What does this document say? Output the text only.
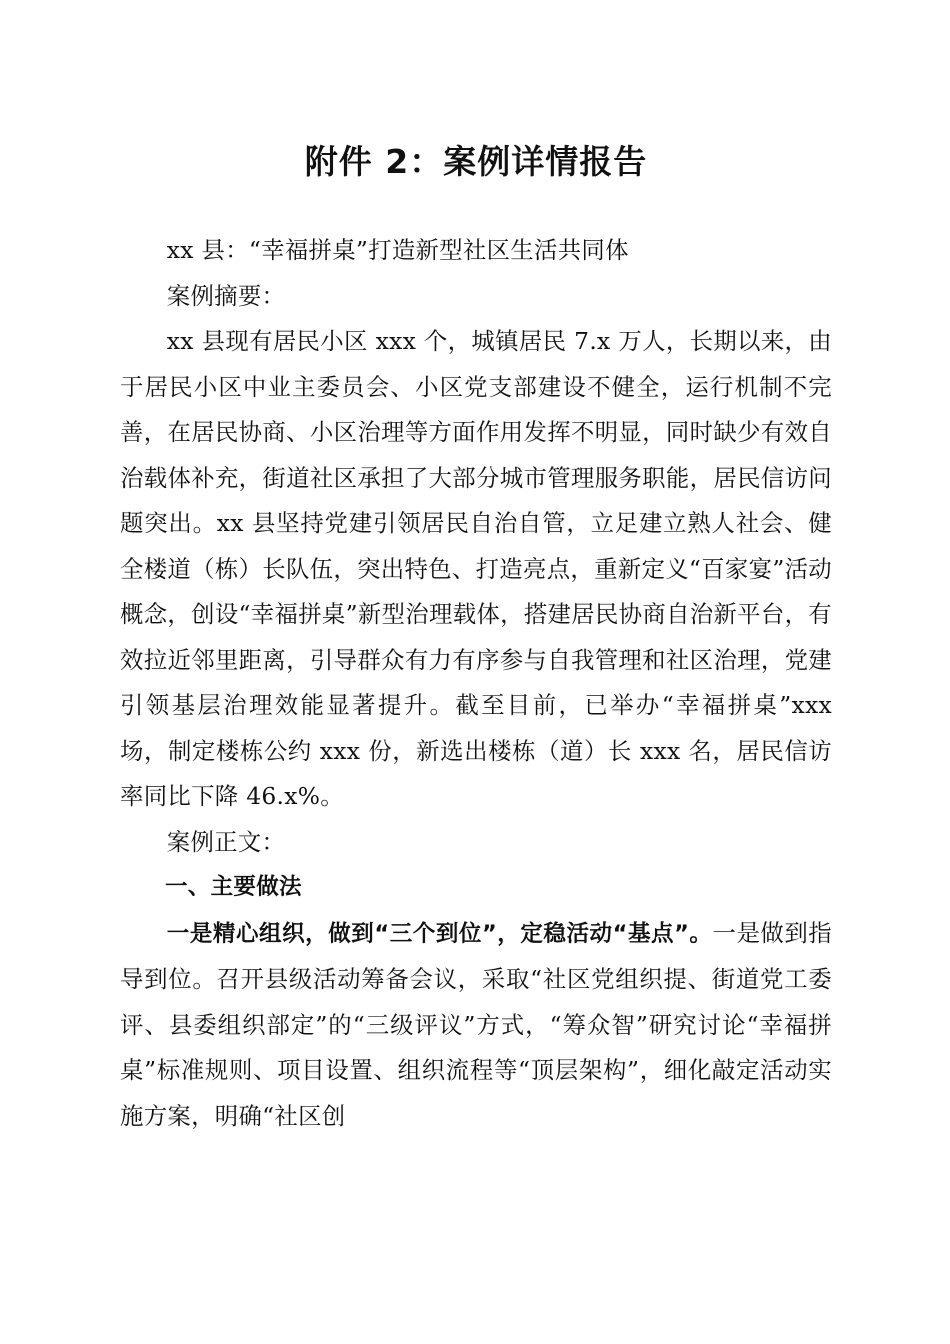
附件 2：案例详情报告

xx 县：“幸福拼桌”打造新型社区生活共同体

案例摘要：

xx 县现有居民小区 xxx 个，城镇居民 7.x 万人，长期以来，由于居民小区中业主委员会、小区党支部建设不健全，运行机制不完善，在居民协商、小区治理等方面作用发挥不明显，同时缺少有效自治载体补充，街道社区承担了大部分城市管理服务职能，居民信访问题突出。xx 县坚持党建引领居民自治自管，立足建立熟人社会、健全楼道（栋）长队伍，突出特色、打造亮点，重新定义“百家宴”活动概念，创设“幸福拼桌”新型治理载体，搭建居民协商自治新平台，有效拉近邻里距离，引导群众有力有序参与自我管理和社区治理，党建引领基层治理效能显著提升。截至目前，已举办“幸福拼桌”xxx 场，制定楼栋公约 xxx 份，新选出楼栋（道）长 xxx 名，居民信访率同比下降 46.x%。

案例正文：

一、主要做法

一是精心组织，做到“三个到位”，定稳活动“基点”。一是做到指导到位。召开县级活动筹备会议，采取“社区党组织提、街道党工委评、县委组织部定”的“三级评议”方式，“筹众智”研究讨论“幸福拼桌”标准规则、项目设置、组织流程等“顶层架构”，细化敲定活动实施方案，明确“社区创
